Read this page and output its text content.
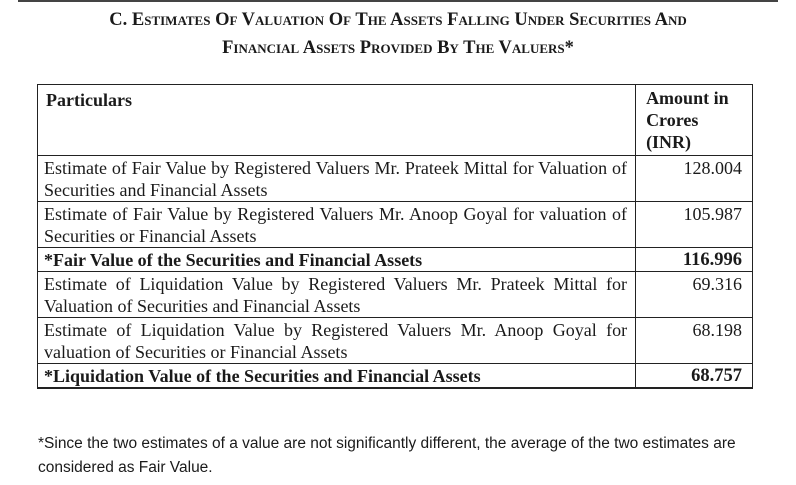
C. Estimates Of Valuation Of The Assets Falling Under Securities And
Financial Assets Provided By The Valuers*
Particulars	Amount in Crores (INR)
Estimate of Fair Value by Registered Valuers Mr. Prateek Mittal for Valuation of Securities and Financial Assets	128.004
Estimate of Fair Value by Registered Valuers Mr. Anoop Goyal for valuation of Securities or Financial Assets	105.987
*Fair Value of the Securities and Financial Assets	116.996
Estimate of Liquidation Value by Registered Valuers Mr. Prateek Mittal for Valuation of Securities and Financial Assets	69.316
Estimate of Liquidation Value by Registered Valuers Mr. Anoop Goyal for valuation of Securities or Financial Assets	68.198
*Liquidation Value of the Securities and Financial Assets	68.757
*Since the two estimates of a value are not significantly different, the average of the two estimates are considered as Fair Value.
